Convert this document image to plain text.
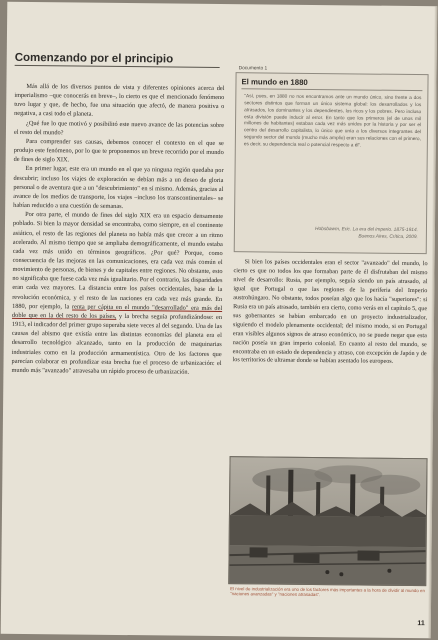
Comenzando por el principio

Más allá de los diversos puntos de vista y diferentes opiniones acerca del imperialismo –que conocerás en breve–, lo cierto es que el mencionado fenómeno tuvo lugar y que, de hecho, fue una situación que afectó, de manera positiva o negativa, a casi todo el planeta.

¿Qué fue lo que motivó y posibilitó este nuevo avance de las potencias sobre el resto del mundo?

Para comprender sus causas, debemos conocer el contexto en el que se produjo este fenómeno, por lo que te proponemos un breve recorrido por el mundo de fines de siglo XIX.

En primer lugar, este era un mundo en el que ya ninguna región quedaba por descubrir; incluso los viajes de exploración se debían más a un deseo de gloria personal o de aventura que a un "descubrimiento" en sí mismo. Además, gracias al avance de los medios de transporte, los viajes –incluso los transcontinentales– se habían reducido a una cuestión de semanas.

Por otra parte, el mundo de fines del siglo XIX era un espacio densamente poblado. Si bien la mayor densidad se encontraba, como siempre, en el continente asiático, el resto de las regiones del planeta no había más que crecer a un ritmo acelerado. Al mismo tiempo que se ampliaba demográficamente, el mundo estaba cada vez más unido en términos geográficos. ¿Por qué? Porque, como consecuencia de las mejoras en las comunicaciones, era cada vez más común el movimiento de personas, de bienes y de capitales entre regiones. No obstante, esto no significaba que fuese cada vez más igualitario. Por el contrario, las disparidades eran cada vez mayores. La distancia entre los países occidentales, base de la revolución económica, y el resto de las naciones era cada vez más grande. En 1880, por ejemplo, la renta per cápita en el mundo "desarrollado" era más del doble que en la del resto de los países, y la brecha seguía profundizándose: en 1913, el indicador del primer grupo superaba siete veces al del segundo. Una de las causas del abismo que existía entre las distintas economías del planeta era el desarrollo tecnológico alcanzado, tanto en la producción de maquinarias industriales como en la producción armamentística. Otro de los factores que parecían colaborar en profundizar esta brecha fue el proceso de urbanización: el mundo más "avanzado" atravesaba un rápido proceso de urbanización.

Documento 1
El mundo en 1880
"Así, pues, en 1880 no nos encontramos ante un mundo único, sino frente a dos sectores distintos que forman un único sistema global: los desarrollados y los atrasados, los dominantes y los dependientes, los ricos y los pobres. Pero incluso esta división puede inducir al error. En tanto que los primeros (el de unos mil millones de habitantes) estaban cada vez más unidos por la historia y por ser el centro del desarrollo capitalista, lo único que unía a los diversos integrantes del segundo sector del mundo (mucho más amplio) eran sus relaciones con el primero, es decir, su dependencia real o potencial respecto a él".
Hobsbawm, Eric. La era del imperio. 1875-1914.
Buenos Aires, Crítica, 2009.

Si bien los países occidentales eran el sector "avanzado" del mundo, lo cierto es que no todos los que formaban parte de él disfrutaban del mismo nivel de desarrollo: Rusia, por ejemplo, seguía siendo un país atrasado, al igual que Portugal o que las regiones de la periferia del Imperio austrohúngaro. No obstante, todos poseían algo que los hacía "superiores": si Rusia era un país atrasado, también era cierto, como verás en el capítulo 5, que sus gobernantes se habían embarcado en un proyecto industrializador, siguiendo el modelo plenamente occidental; del mismo modo, si en Portugal eran visibles algunos signos de atraso económico, no se puede negar que esta nación poseía un gran imperio colonial. En cuanto al resto del mundo, se encontraba en un estado de dependencia y atraso, con excepción de Japón y de los territorios de ultramar donde se habían asentado los europeos.

El nivel de industrialización era uno de los factores más importantes a la hora de dividir al mundo en "naciones avanzadas" y "naciones atrasadas".
11
